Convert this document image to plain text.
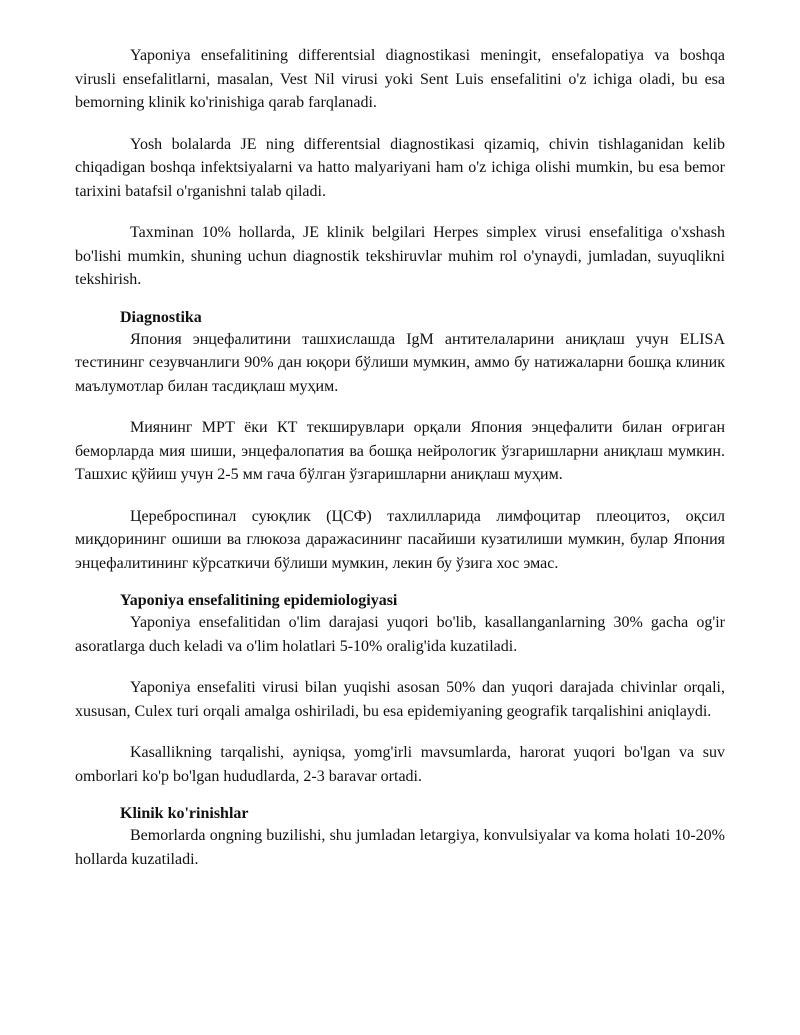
Yaponiya ensefalitining differentsial diagnostikasi meningit, ensefalopatiya va boshqa virusli ensefalitlarni, masalan, Vest Nil virusi yoki Sent Luis ensefalitini o'z ichiga oladi, bu esa bemorning klinik ko'rinishiga qarab farqlanadi.

Yosh bolalarda JE ning differentsial diagnostikasi qizamiq, chivin tishlaganidan kelib chiqadigan boshqa infektsiyalarni va hatto malyariyani ham o'z ichiga olishi mumkin, bu esa bemor tarixini batafsil o'rganishni talab qiladi.

Taxminan 10% hollarda, JE klinik belgilari Herpes simplex virusi ensefalitiga o'xshash bo'lishi mumkin, shuning uchun diagnostik tekshiruvlar muhim rol o'ynaydi, jumladan, suyuqlikni tekshirish.

Diagnostika

Япония энцефалитини ташхислашда IgM антителаларини аниқлаш учун ELISA тестининг сезувчанлиги 90% дан юқори бўлиши мумкин, аммо бу натижаларни бошқа клиник маълумотлар билан тасдиқлаш муҳим.

Миянинг МРТ ёки КТ текширувлари орқали Япония энцефалити билан оғриган беморларда мия шиши, энцефалопатия ва бошқа нейрологик ўзгаришларни аниқлаш мумкин. Ташхис қўйиш учун 2-5 мм гача бўлган ўзгаришларни аниқлаш муҳим.

Цереброспинал суюқлик (ЦСФ) тахлилларида лимфоцитар плеоцитоз, оқсил миқдорининг ошиши ва глюкоза даражасининг пасайиши кузатилиши мумкин, булар Япония энцефалитининг кўрсаткичи бўлиши мумкин, лекин бу ўзига хос эмас.

Yaponiya ensefalitining epidemiologiyasi

Yaponiya ensefalitidan o'lim darajasi yuqori bo'lib, kasallanganlarning 30% gacha og'ir asoratlarga duch keladi va o'lim holatlari 5-10% oralig'ida kuzatiladi.

Yaponiya ensefaliti virusi bilan yuqishi asosan 50% dan yuqori darajada chivinlar orqali, xususan, Culex turi orqali amalga oshiriladi, bu esa epidemiyaning geografik tarqalishini aniqlaydi.

Kasallikning tarqalishi, ayniqsa, yomg'irli mavsumlarda, harorat yuqori bo'lgan va suv omborlari ko'p bo'lgan hududlarda, 2-3 baravar ortadi.

Klinik ko'rinishlar

Bemorlarda ongning buzilishi, shu jumladan letargiya, konvulsiyalar va koma holati 10-20% hollarda kuzatiladi.
